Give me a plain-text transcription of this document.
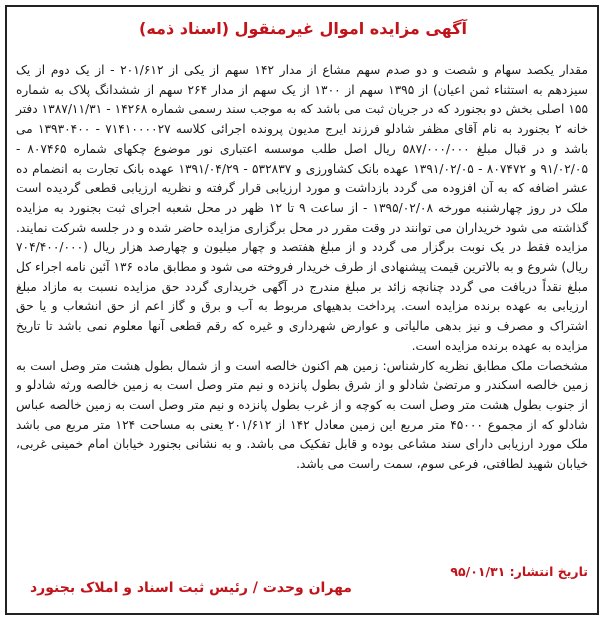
آگهی مزایده اموال غیرمنقول (اسناد ذمه)

مقدار یکصد سهام و شصت و دو صدم سهم مشاع از مدار ۱۴۲ سهم از یکی از ۲۰۱/۶۱۲ - از یک دوم از یک سیزدهم به استثناء ثمن اعیان) از ۱۳۹۵ سهم از ۱۳۰۰ از یک سهم از مدار ۲۶۴ سهم از ششدانگ پلاک به شماره ۱۵۵ اصلی بخش دو بجنورد که در جریان ثبت می باشد که به موجب سند رسمی شماره ۱۴۲۶۸ - ۱۳۸۷/۱۱/۳۱ دفتر خانه ۲ بجنورد به نام آقای مظفر شادلو فرزند ایرج مدیون پرونده اجرائی کلاسه ۷۱۴۱۰۰۰۰۲۷ - ۱۳۹۳۰۴۰۰ می باشد و در قبال مبلغ ۵۸۷/۰۰۰/۰۰۰ ریال اصل طلب موسسه اعتباری نور موضوع چکهای شماره ۸۰۷۴۶۵ - ۹۱/۰۲/۰۵ و ۸۰۷۴۷۲ - ۱۳۹۱/۰۲/۰۵ عهده بانک کشاورزی و ۵۳۲۸۳۷ - ۱۳۹۱/۰۴/۲۹ عهده بانک تجارت به انضمام ده عشر اضافه که به آن افزوده می گردد بازداشت و مورد ارزیابی قرار گرفته و نظریه ارزیابی قطعی گردیده است ملک در روز چهارشنبه مورخه ۱۳۹۵/۰۲/۰۸ - از ساعت ۹ تا ۱۲ ظهر در محل شعبه اجرای ثبت بجنورد به مزایده گذاشته می شود خریداران می توانند در وقت مقرر در محل برگزاری مزایده حاضر شده و در جلسه شرکت نمایند. مزایده فقط در یک نوبت برگزار می گردد و از مبلغ هفتصد و چهار میلیون و چهارصد هزار ریال (۷۰۴/۴۰۰/۰۰۰ ریال) شروع و به بالاترین قیمت پیشنهادی از طرف خریدار فروخته می شود و مطابق ماده ۱۳۶ آئین نامه اجراء کل مبلغ نقداً دریافت می گردد چنانچه زائد بر مبلغ مندرج در آگهی خریداری گردد حق مزایده نسبت به مازاد مبلغ ارزیابی به عهده برنده مزایده است. پرداخت بدهیهای مربوط به آب و برق و گاز اعم از حق انشعاب و یا حق اشتراک و مصرف و نیز بدهی مالیاتی و عوارض شهرداری و غیره که رقم قطعی آنها معلوم نمی باشد تا تاریخ مزایده به عهده برنده مزایده است.

مشخصات ملک مطابق نظریه کارشناس: زمین هم اکنون خالصه است و از شمال بطول هشت متر وصل است به زمین خالصه اسکندر و مرتضیٰ شادلو و از شرق بطول پانزده و نیم متر وصل است به زمین خالصه ورثه شادلو و از جنوب بطول هشت متر وصل است به کوچه و از غرب بطول پانزده و نیم متر وصل است به زمین خالصه عباس شادلو که از مجموع ۴۵۰۰۰ متر مربع این زمین معادل ۱۴۲ از ۲۰۱/۶۱۲ یعنی به مساحت ۱۲۴ متر مربع می باشد ملک مورد ارزیابی دارای سند مشاعی بوده و قابل تفکیک می باشد. و به نشانی بجنورد خیابان امام خمینی غربی، خیابان شهید لطافتی، فرعی سوم، سمت راست می باشد.

تاریخ انتشار: ۹۵/۰۱/۳۱
مهران وحدت / رئیس ثبت اسناد و املاک بجنورد
